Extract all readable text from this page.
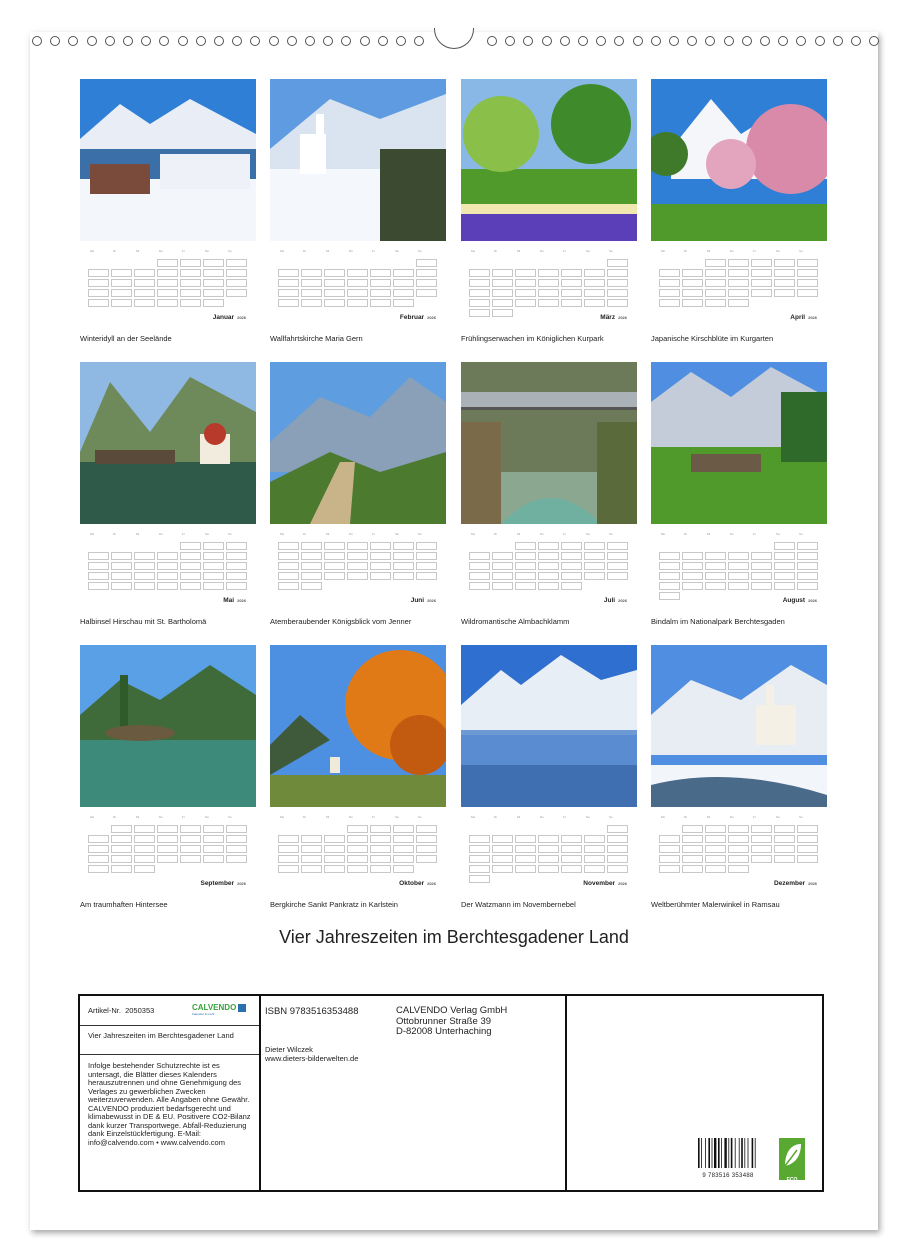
Mo	Di	Mi	Do	Fr	Sa	So
Januar 2026
Winteridyll an der Seelände
Mo	Di	Mi	Do	Fr	Sa	So
Februar 2026
Wallfahrtskirche Maria Gern
Mo	Di	Mi	Do	Fr	Sa	So
März 2026
Frühlingserwachen im Königlichen Kurpark
Mo	Di	Mi	Do	Fr	Sa	So
April 2026
Japanische Kirschblüte im Kurgarten
Mo	Di	Mi	Do	Fr	Sa	So
Mai 2026
Halbinsel Hirschau mit St. Bartholomä
Mo	Di	Mi	Do	Fr	Sa	So
Juni 2026
Atemberaubender Königsblick vom Jenner
Mo	Di	Mi	Do	Fr	Sa	So
Juli 2026
Wildromantische Almbachklamm
Mo	Di	Mi	Do	Fr	Sa	So
August 2026
Bindalm im Nationalpark Berchtesgaden
Mo	Di	Mi	Do	Fr	Sa	So
September 2026
Am traumhaften Hintersee
Mo	Di	Mi	Do	Fr	Sa	So
Oktober 2026
Bergkirche Sankt Pankratz in Karlstein
Mo	Di	Mi	Do	Fr	Sa	So
November 2026
Der Watzmann im Novembernebel
Mo	Di	Mi	Do	Fr	Sa	So
Dezember 2026
Weltberühmter Malerwinkel in Ramsau
Vier Jahreszeiten im Berchtesgadener Land
Artikel-Nr. 2050353	CALVENDO
Kalender & mehr
Vier Jahreszeiten im Berchtesgadener Land
Infolge bestehender Schutzrechte ist es untersagt, die Blätter dieses Kalenders herauszutrennen und ohne Genehmigung des Verlages zu gewerblichen Zwecken weiterzuverwenden. Alle Angaben ohne Gewähr. CALVENDO produziert bedarfsgerecht und klimabewusst in DE & EU. Positivere CO2-Bilanz dank kurzer Transportwege. Abfall-Reduzierung dank Einzelstückfertigung. E-Mail: info@calvendo.com • www.calvendo.com
ISBN 9783516353488	CALVENDO Verlag GmbH
Ottobrunner Straße 39
D-82008 Unterhaching
Dieter Wilczek
www.dieters-bilderwelten.de
9 783516 353488
ECO
